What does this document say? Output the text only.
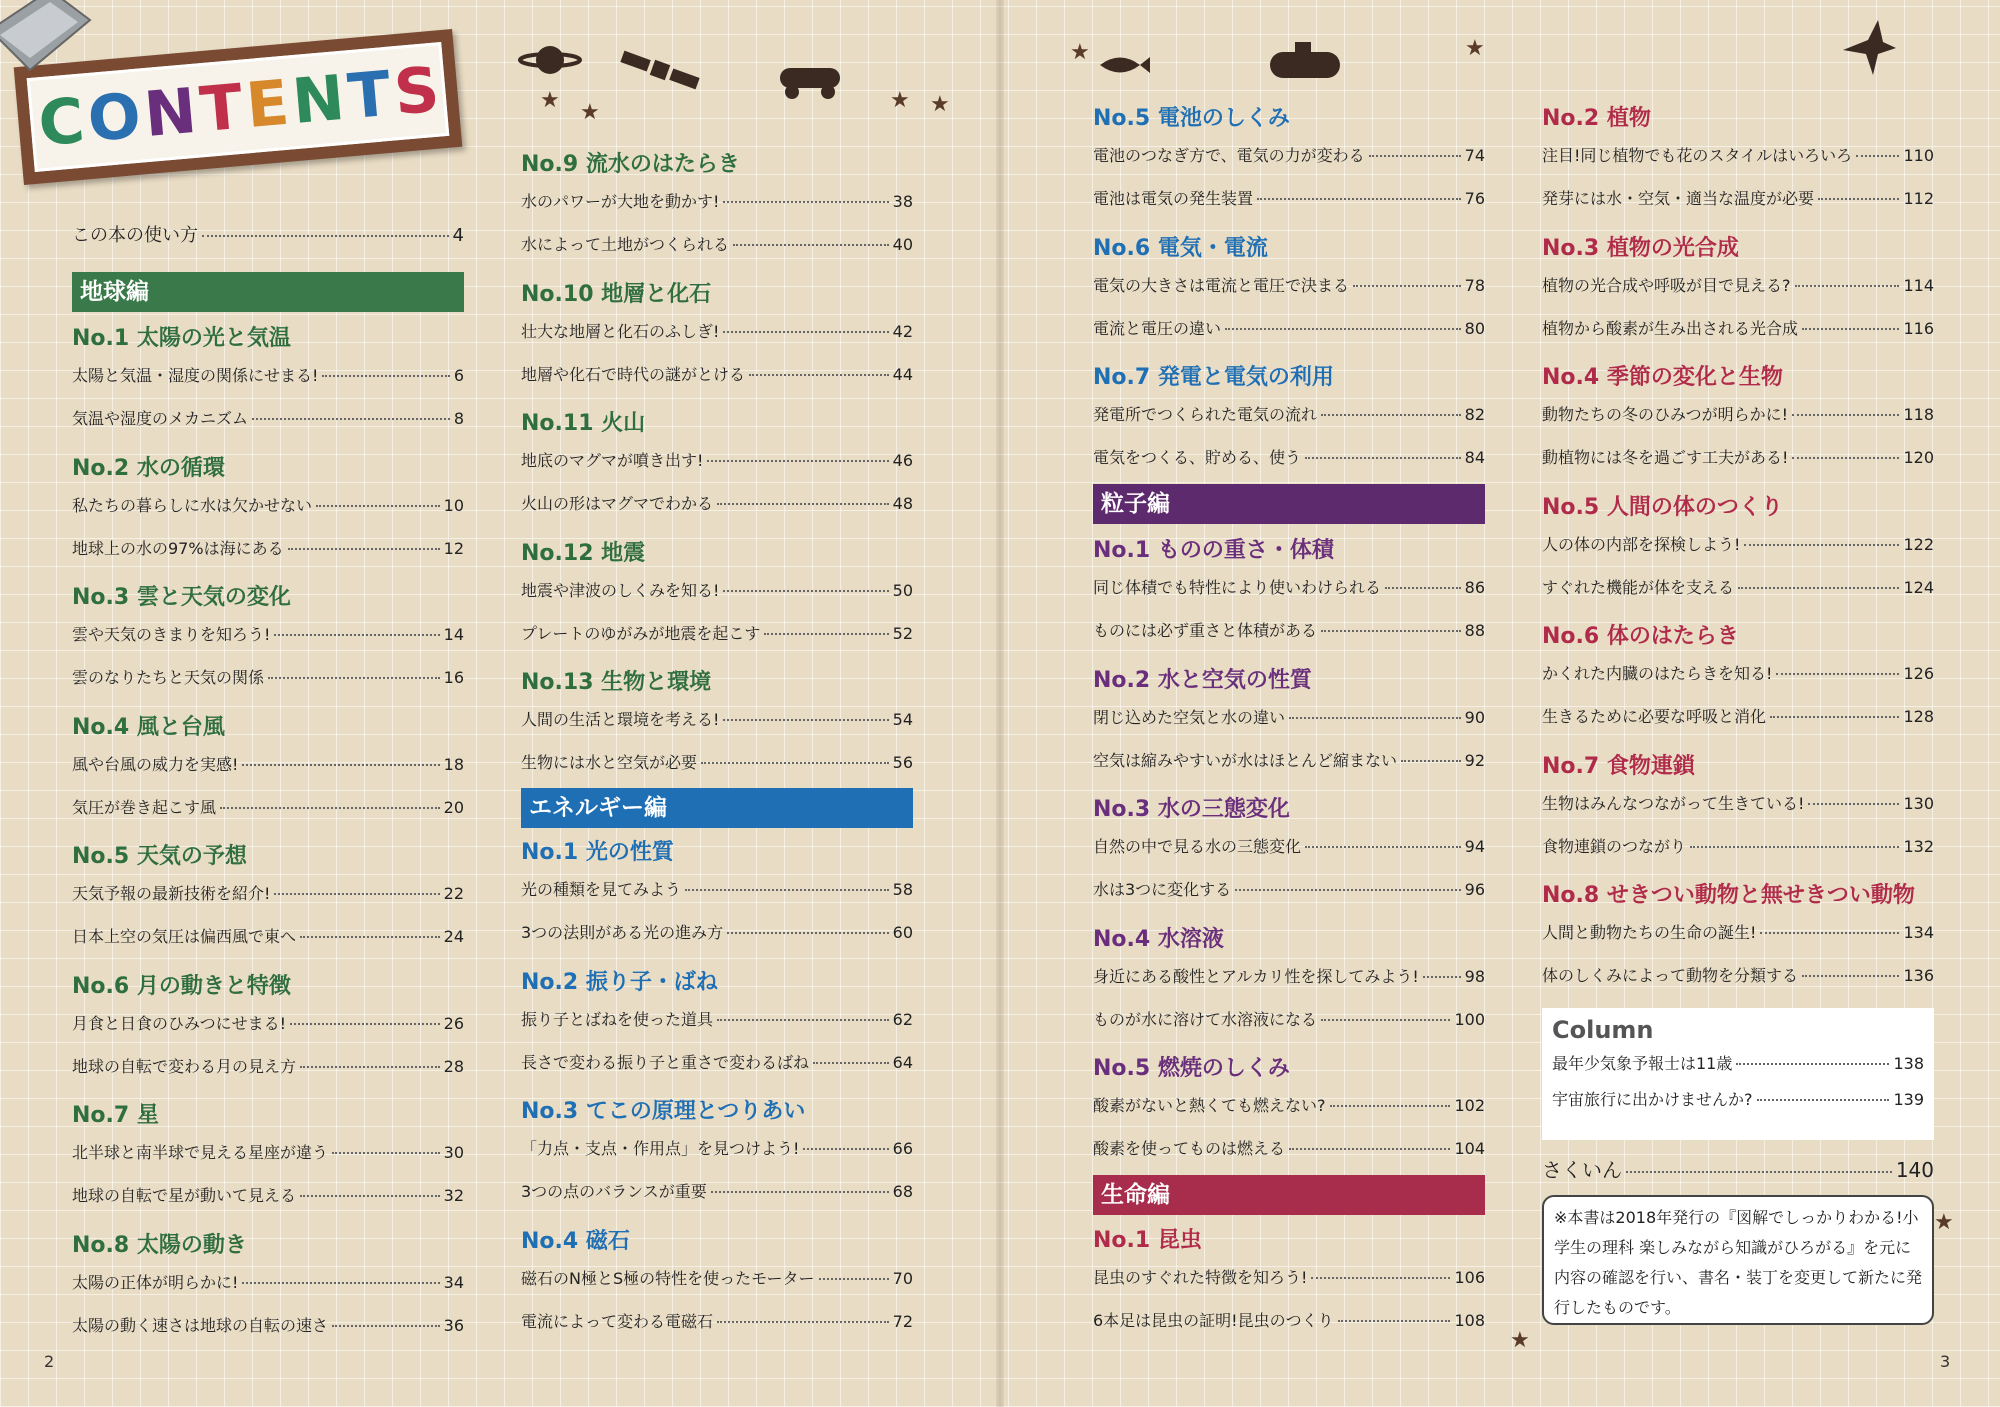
CONTENTS	★ ★	★ ★
★	★
★
★
この本の使い方	4
地球編
No.1 太陽の光と気温
太陽と気温・湿度の関係にせまる!	6
気温や湿度のメカニズム	8
No.2 水の循環
私たちの暮らしに水は欠かせない	10
地球上の水の97%は海にある	12
No.3 雲と天気の変化
雲や天気のきまりを知ろう!	14
雲のなりたちと天気の関係	16
No.4 風と台風
風や台風の威力を実感!	18
気圧が巻き起こす風	20
No.5 天気の予想
天気予報の最新技術を紹介!	22
日本上空の気圧は偏西風で東へ	24
No.6 月の動きと特徴
月食と日食のひみつにせまる!	26
地球の自転で変わる月の見え方	28
No.7 星
北半球と南半球で見える星座が違う	30
地球の自転で星が動いて見える	32
No.8 太陽の動き
太陽の正体が明らかに!	34
太陽の動く速さは地球の自転の速さ	36
No.9 流水のはたらき
水のパワーが大地を動かす!	38
水によって土地がつくられる	40
No.10 地層と化石
壮大な地層と化石のふしぎ!	42
地層や化石で時代の謎がとける	44
No.11 火山
地底のマグマが噴き出す!	46
火山の形はマグマでわかる	48
No.12 地震
地震や津波のしくみを知る!	50
プレートのゆがみが地震を起こす	52
No.13 生物と環境
人間の生活と環境を考える!	54
生物には水と空気が必要	56
エネルギー編
No.1 光の性質
光の種類を見てみよう	58
3つの法則がある光の進み方	60
No.2 振り子・ばね
振り子とばねを使った道具	62
長さで変わる振り子と重さで変わるばね	64
No.3 てこの原理とつりあい
「力点・支点・作用点」を見つけよう!	66
3つの点のバランスが重要	68
No.4 磁石
磁石のN極とS極の特性を使ったモーター	70
電流によって変わる電磁石	72
No.5 電池のしくみ
電池のつなぎ方で、電気の力が変わる	74
電池は電気の発生装置	76
No.6 電気・電流
電気の大きさは電流と電圧で決まる	78
電流と電圧の違い	80
No.7 発電と電気の利用
発電所でつくられた電気の流れ	82
電気をつくる、貯める、使う	84
粒子編
No.1 ものの重さ・体積
同じ体積でも特性により使いわけられる	86
ものには必ず重さと体積がある	88
No.2 水と空気の性質
閉じ込めた空気と水の違い	90
空気は縮みやすいが水はほとんど縮まない	92
No.3 水の三態変化
自然の中で見る水の三態変化	94
水は3つに変化する	96
No.4 水溶液
身近にある酸性とアルカリ性を探してみよう!	98
ものが水に溶けて水溶液になる	100
No.5 燃焼のしくみ
酸素がないと熱くても燃えない?	102
酸素を使ってものは燃える	104
生命編
No.1 昆虫
昆虫のすぐれた特徴を知ろう!	106
6本足は昆虫の証明!昆虫のつくり	108
No.2 植物
注目!同じ植物でも花のスタイルはいろいろ	110
発芽には水・空気・適当な温度が必要	112
No.3 植物の光合成
植物の光合成や呼吸が目で見える?	114
植物から酸素が生み出される光合成	116
No.4 季節の変化と生物
動物たちの冬のひみつが明らかに!	118
動植物には冬を過ごす工夫がある!	120
No.5 人間の体のつくり
人の体の内部を探検しよう!	122
すぐれた機能が体を支える	124
No.6 体のはたらき
かくれた内臓のはたらきを知る!	126
生きるために必要な呼吸と消化	128
No.7 食物連鎖
生物はみんなつながって生きている!	130
食物連鎖のつながり	132
No.8 せきつい動物と無せきつい動物
人間と動物たちの生命の誕生!	134
体のしくみによって動物を分類する	136
Column
最年少気象予報士は11歳	138
宇宙旅行に出かけませんか?	139
さくいん	140
※本書は2018年発行の『図解でしっかりわかる!小学生の理科 楽しみながら知識がひろがる』を元に内容の確認を行い、書名・装丁を変更して新たに発行したものです。
2	3
